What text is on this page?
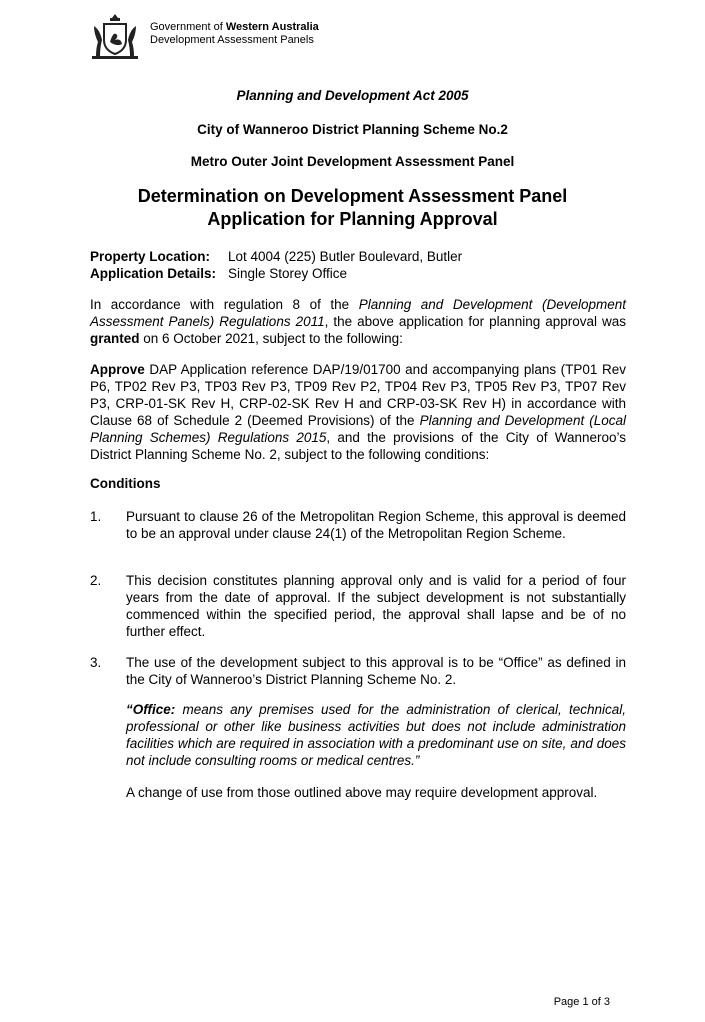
Government of Western Australia
Development Assessment Panels
Planning and Development Act 2005
City of Wanneroo District Planning Scheme No.2
Metro Outer Joint Development Assessment Panel
Determination on Development Assessment Panel
Application for Planning Approval
Property Location:	Lot 4004 (225) Butler Boulevard, Butler
Application Details: Single Storey Office
In accordance with regulation 8 of the Planning and Development (Development Assessment Panels) Regulations 2011, the above application for planning approval was granted on 6 October 2021, subject to the following:
Approve DAP Application reference DAP/19/01700 and accompanying plans (TP01 Rev P6, TP02 Rev P3, TP03 Rev P3, TP09 Rev P2, TP04 Rev P3, TP05 Rev P3, TP07 Rev P3, CRP-01-SK Rev H, CRP-02-SK Rev H and CRP-03-SK Rev H) in accordance with Clause 68 of Schedule 2 (Deemed Provisions) of the Planning and Development (Local Planning Schemes) Regulations 2015, and the provisions of the City of Wanneroo’s District Planning Scheme No. 2, subject to the following conditions:
Conditions
1.	Pursuant to clause 26 of the Metropolitan Region Scheme, this approval is deemed to be an approval under clause 24(1) of the Metropolitan Region Scheme.
2.	This decision constitutes planning approval only and is valid for a period of four years from the date of approval. If the subject development is not substantially commenced within the specified period, the approval shall lapse and be of no further effect.
3.	The use of the development subject to this approval is to be “Office” as defined in the City of Wanneroo’s District Planning Scheme No. 2.
“Office: means any premises used for the administration of clerical, technical, professional or other like business activities but does not include administration facilities which are required in association with a predominant use on site, and does not include consulting rooms or medical centres.”
A change of use from those outlined above may require development approval.
Page 1 of 3
